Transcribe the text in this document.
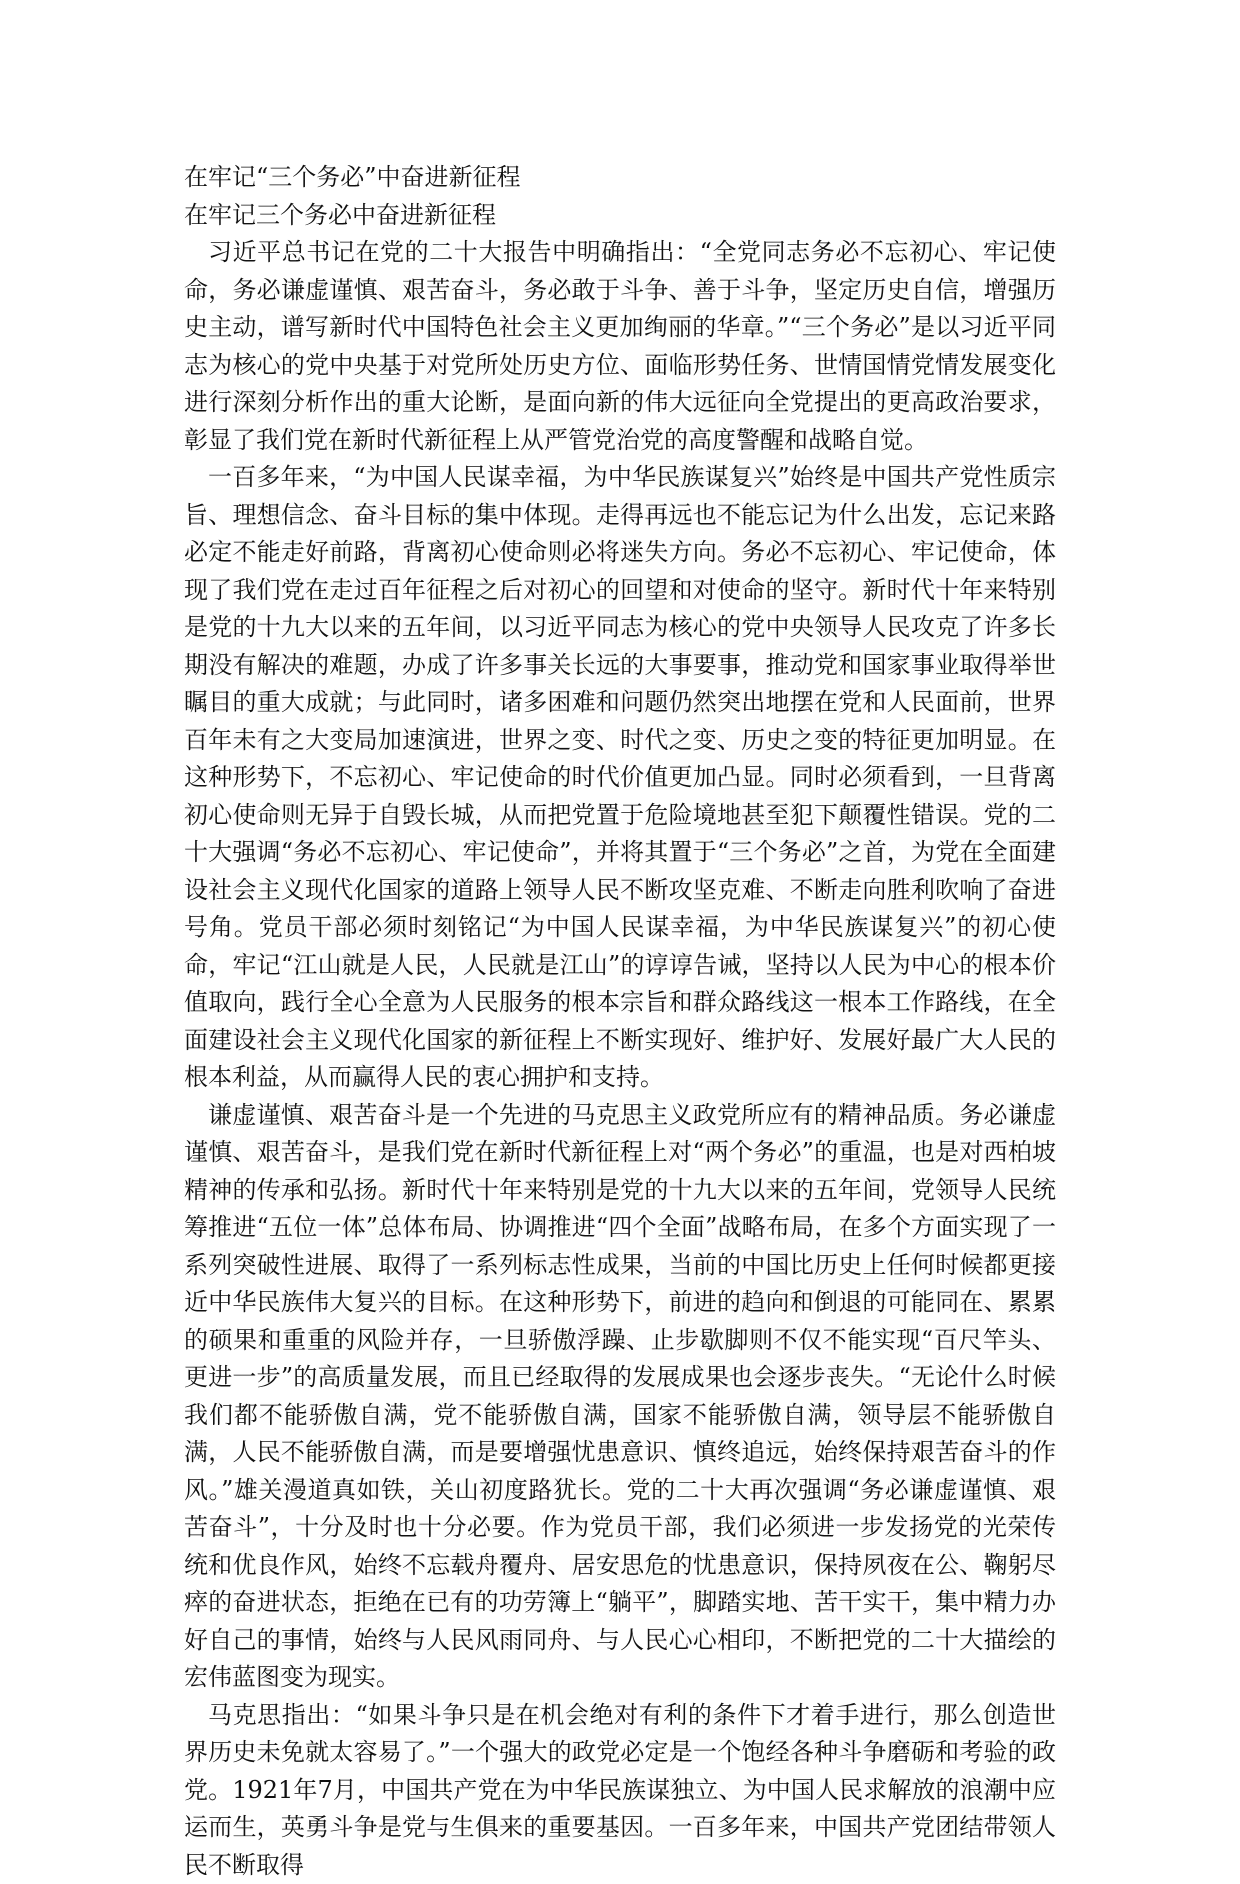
在牢记“三个务必”中奋进新征程

在牢记三个务必中奋进新征程

习近平总书记在党的二十大报告中明确指出：“全党同志务必不忘初心、牢记使命，务必谦虚谨慎、艰苦奋斗，务必敢于斗争、善于斗争，坚定历史自信，增强历史主动，谱写新时代中国特色社会主义更加绚丽的华章。”“三个务必”是以习近平同志为核心的党中央基于对党所处历史方位、面临形势任务、世情国情党情发展变化进行深刻分析作出的重大论断，是面向新的伟大远征向全党提出的更高政治要求，彰显了我们党在新时代新征程上从严管党治党的高度警醒和战略自觉。

一百多年来，“为中国人民谋幸福，为中华民族谋复兴”始终是中国共产党性质宗旨、理想信念、奋斗目标的集中体现。走得再远也不能忘记为什么出发，忘记来路必定不能走好前路，背离初心使命则必将迷失方向。务必不忘初心、牢记使命，体现了我们党在走过百年征程之后对初心的回望和对使命的坚守。新时代十年来特别是党的十九大以来的五年间，以习近平同志为核心的党中央领导人民攻克了许多长期没有解决的难题，办成了许多事关长远的大事要事，推动党和国家事业取得举世瞩目的重大成就；与此同时，诸多困难和问题仍然突出地摆在党和人民面前，世界百年未有之大变局加速演进，世界之变、时代之变、历史之变的特征更加明显。在这种形势下，不忘初心、牢记使命的时代价值更加凸显。同时必须看到，一旦背离初心使命则无异于自毁长城，从而把党置于危险境地甚至犯下颠覆性错误。党的二十大强调“务必不忘初心、牢记使命”，并将其置于“三个务必”之首，为党在全面建设社会主义现代化国家的道路上领导人民不断攻坚克难、不断走向胜利吹响了奋进号角。党员干部必须时刻铭记“为中国人民谋幸福，为中华民族谋复兴”的初心使命，牢记“江山就是人民，人民就是江山”的谆谆告诫，坚持以人民为中心的根本价值取向，践行全心全意为人民服务的根本宗旨和群众路线这一根本工作路线，在全面建设社会主义现代化国家的新征程上不断实现好、维护好、发展好最广大人民的根本利益，从而赢得人民的衷心拥护和支持。

谦虚谨慎、艰苦奋斗是一个先进的马克思主义政党所应有的精神品质。务必谦虚谨慎、艰苦奋斗，是我们党在新时代新征程上对“两个务必”的重温，也是对西柏坡精神的传承和弘扬。新时代十年来特别是党的十九大以来的五年间，党领导人民统筹推进“五位一体”总体布局、协调推进“四个全面”战略布局，在多个方面实现了一系列突破性进展、取得了一系列标志性成果，当前的中国比历史上任何时候都更接近中华民族伟大复兴的目标。在这种形势下，前进的趋向和倒退的可能同在、累累的硕果和重重的风险并存，一旦骄傲浮躁、止步歇脚则不仅不能实现“百尺竿头、更进一步”的高质量发展，而且已经取得的发展成果也会逐步丧失。“无论什么时候我们都不能骄傲自满，党不能骄傲自满，国家不能骄傲自满，领导层不能骄傲自满，人民不能骄傲自满，而是要增强忧患意识、慎终追远，始终保持艰苦奋斗的作风。”雄关漫道真如铁，关山初度路犹长。党的二十大再次强调“务必谦虚谨慎、艰苦奋斗”，十分及时也十分必要。作为党员干部，我们必须进一步发扬党的光荣传统和优良作风，始终不忘载舟覆舟、居安思危的忧患意识，保持夙夜在公、鞠躬尽瘁的奋进状态，拒绝在已有的功劳簿上“躺平”，脚踏实地、苦干实干，集中精力办好自己的事情，始终与人民风雨同舟、与人民心心相印，不断把党的二十大描绘的宏伟蓝图变为现实。

马克思指出：“如果斗争只是在机会绝对有利的条件下才着手进行，那么创造世界历史未免就太容易了。”一个强大的政党必定是一个饱经各种斗争磨砺和考验的政党。1921年7月，中国共产党在为中华民族谋独立、为中国人民求解放的浪潮中应运而生，英勇斗争是党与生俱来的重要基因。一百多年来，中国共产党团结带领人民不断取得
